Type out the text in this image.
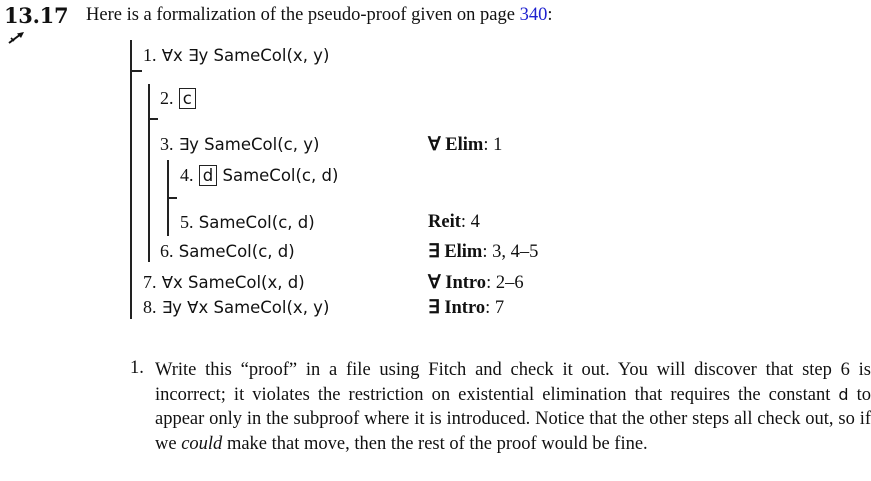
13.17 Here is a formalization of the pseudo-proof given on page 340:
1. ∀x ∃y SameCol(x, y)
2. c
3. ∃y SameCol(c, y)	∀ Elim: 1
4. d SameCol(c, d)
5. SameCol(c, d)	Reit: 4
6. SameCol(c, d)	∃ Elim: 3, 4–5
7. ∀x SameCol(x, d)	∀ Intro: 2–6
8. ∃y ∀x SameCol(x, y)	∃ Intro: 7
1. Write this “proof” in a file using Fitch and check it out. You will discover that step 6 is incorrect; it violates the restriction on existential elimination that requires the constant d to appear only in the subproof where it is introduced. Notice that the other steps all check out, so if we could make that move, then the rest of the proof would be fine.
